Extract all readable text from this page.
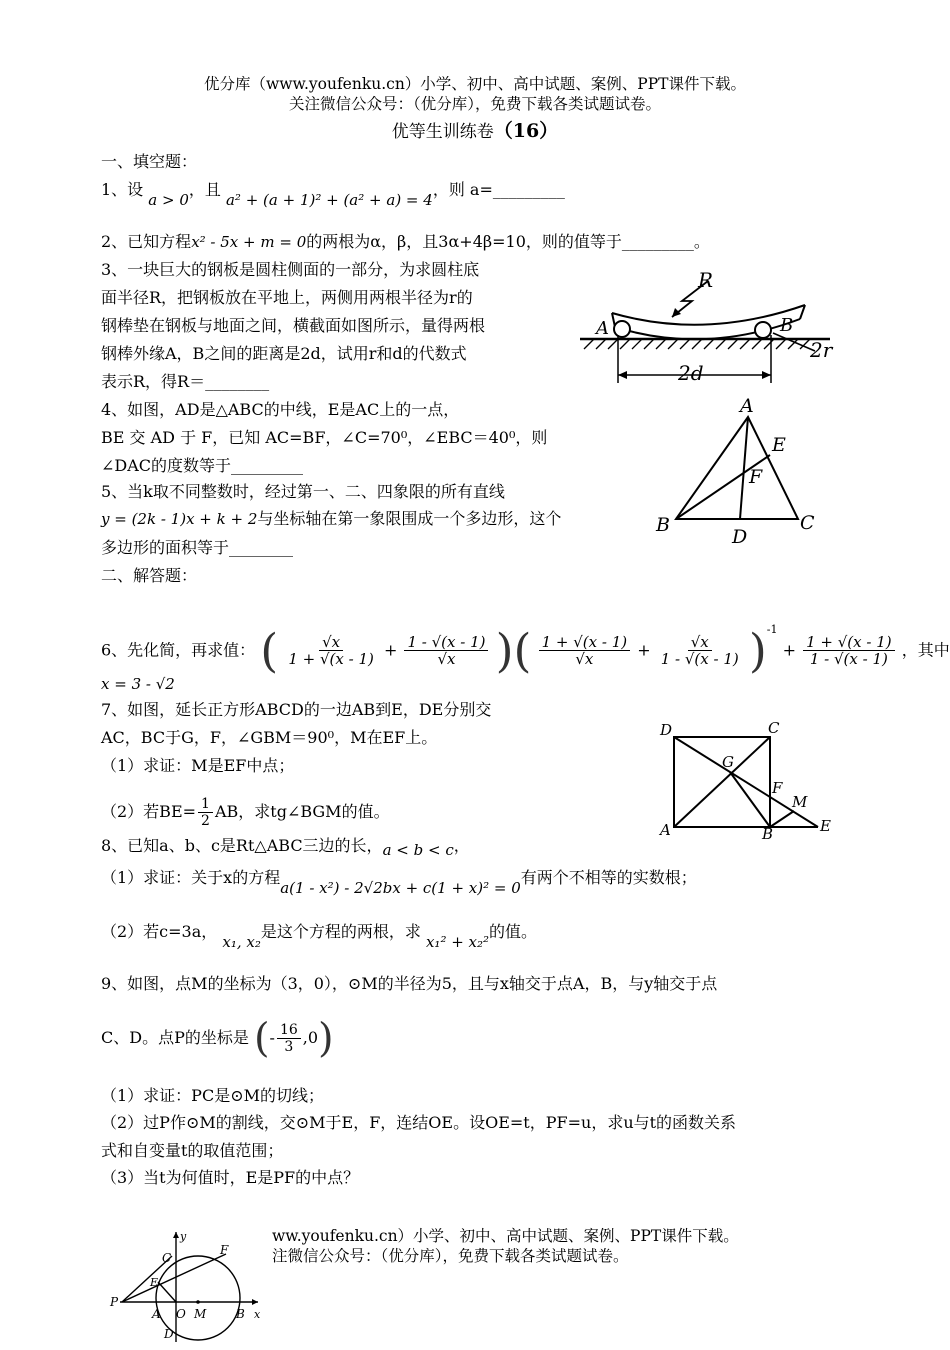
优分库（www.youfenku.cn）小学、初中、高中试题、案例、PPT课件下载。
关注微信公众号：（优分库），免费下载各类试题试卷。
优等生训练卷（16）
一、填空题：
1、设 a > 0，且 a² + (a + 1)² + (a² + a) = 4，则 a=_________
2、已知方程x² - 5x + m = 0的两根为α，β，且3α+4β=10，则的值等于_________。
3、一块巨大的钢板是圆柱侧面的一部分，为求圆柱底
面半径R，把钢板放在平地上，两侧用两根半径为r的
钢棒垫在钢板与地面之间，横截面如图所示，量得两根
钢棒外缘A，B之间的距离是2d，试用r和d的代数式
表示R，得R＝________
R
A	B
2r
2d
4、如图，AD是△ABC的中线，E是AC上的一点，
BE 交 AD 于 F，已知 AC=BF，∠C=70⁰，∠EBC＝40⁰，则
∠DAC的度数等于_________
A
B	C
D
E
F
5、当k取不同整数时，经过第一、二、四象限的所有直线
y = (2k - 1)x + k + 2与坐标轴在第一象限围成一个多边形，这个
多边形的面积等于________
二、解答题：
6、先化简，再求值： ( $\frac{√x}{1 + √(x - 1)} + \frac{1 - √(x - 1)}{√x}$ )( $\frac{1 + √(x - 1)}{√x} + \frac{√x}{1 - √(x - 1)} )^{-1} + \frac{1 + √(x - 1)}{1 - √(x - 1)}$ ，其中
x = 3 - √2
7、如图，延长正方形ABCD的一边AB到E，DE分别交
AC，BC于G，F，∠GBM＝90⁰，M在EF上。
（1）求证：M是EF中点；
（2）若$BE= \frac{1}{2}$ AB，求tg∠BGM的值。
D	C
A	B	E
F
G
M
8、已知a、b、c是Rt△ABC三边的长，a < b < c，
（1）求证：关于x的方程a(1 - x²) - 2√2bx + c(1 + x)² = 0有两个不相等的实数根；
（2）若c=3a， x₁, x₂是这个方程的两根，求 x₁² + x₂²的值。
9、如图，点M的坐标为（3，0），⊙M的半径为5，且与x轴交于点A，B，与y轴交于点
C、D。点P的坐标是 (- $\frac{16}{3} ,0$)
（1）求证：PC是⊙M的切线；
（2）过P作⊙M的割线，交⊙M于E，F，连结OE。设OE=t，PF=u，求u与t的函数关系
式和自变量t的取值范围；
（3）当t为何值时，E是PF的中点？
P
A O M B x
y
C
D
E
F
ww.youfenku.cn）小学、初中、高中试题、案例、PPT课件下载。
注微信公众号：（优分库），免费下载各类试题试卷。
